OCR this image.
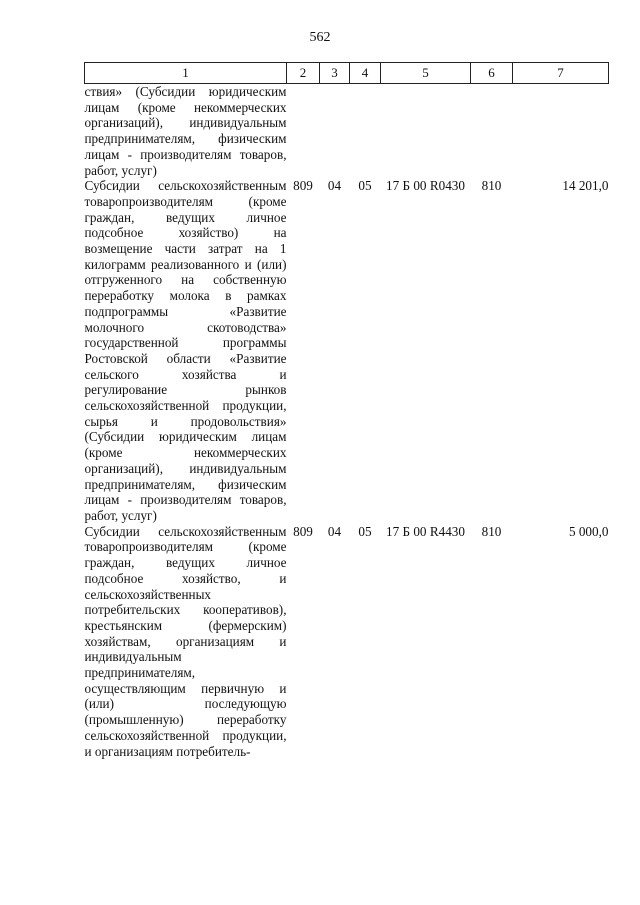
562
1	2	3	4	5	6	7
ствия» (Субсидии юридическим лицам (кроме некоммерческих организаций), индивидуальным предпринимателям, физическим лицам - производителям товаров, работ, услуг)						
Субсидии сельскохозяйственным товаропроизводителям (кроме граждан, ведущих личное подсобное хозяйство) на возмещение части затрат на 1 килограмм реализованного и (или) отгруженного на собственную переработку молока в рамках подпрограммы «Развитие молочного скотоводства» государственной программы Ростовской области «Развитие сельского хозяйства и регулирование рынков сельскохозяйственной продукции, сырья и продовольствия» (Субсидии юридическим лицам (кроме некоммерческих организаций), индивидуальным предпринимателям, физическим лицам - производителям товаров, работ, услуг)	809	04	05	17 Б 00 R0430	810	14 201,0
Субсидии сельскохозяйственным товаропроизводителям (кроме граждан, ведущих личное подсобное хозяйство, и сельскохозяйственных потребительских кооперативов), крестьянским (фермерским) хозяйствам, организациям и индивидуальным предпринимателям, осуществляющим первичную и (или) последующую (промышленную) переработку сельскохозяйственной продукции, и организациям потребитель-	809	04	05	17 Б 00 R4430	810	5 000,0
